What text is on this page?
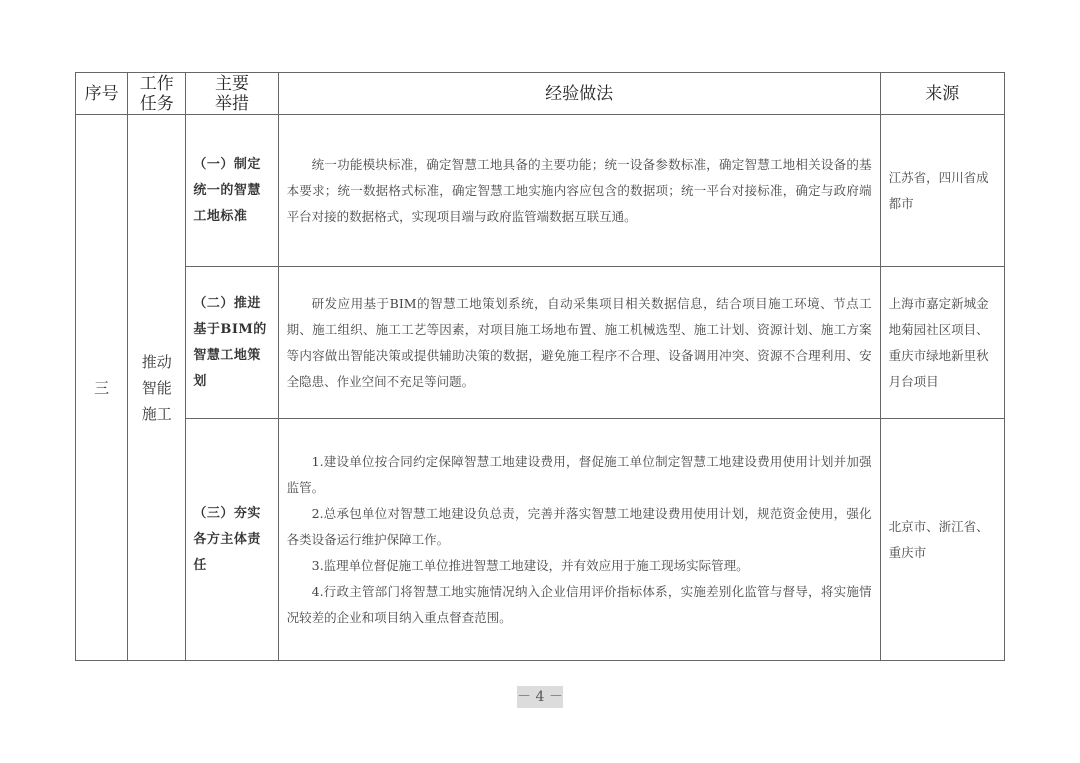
序号	工作任务	主要举措	经验做法	来源
三	推动智能施工	（一）制定统一的智慧工地标准	统一功能模块标准，确定智慧工地具备的主要功能；统一设备参数标准，确定智慧工地相关设备的基本要求；统一数据格式标准，确定智慧工地实施内容应包含的数据项；统一平台对接标准，确定与政府端平台对接的数据格式，实现项目端与政府监管端数据互联互通。	江苏省，四川省成都市
		（二）推进基于BIM的智慧工地策划	研发应用基于BIM的智慧工地策划系统，自动采集项目相关数据信息，结合项目施工环境、节点工期、施工组织、施工工艺等因素，对项目施工场地布置、施工机械选型、施工计划、资源计划、施工方案等内容做出智能决策或提供辅助决策的数据，避免施工程序不合理、设备调用冲突、资源不合理利用、安全隐患、作业空间不充足等问题。	上海市嘉定新城金地菊园社区项目、重庆市绿地新里秋月台项目
		（三）夯实各方主体责任	1.建设单位按合同约定保障智慧工地建设费用，督促施工单位制定智慧工地建设费用使用计划并加强监管。

2.总承包单位对智慧工地建设负总责，完善并落实智慧工地建设费用使用计划，规范资金使用，强化各类设备运行维护保障工作。

3.监理单位督促施工单位推进智慧工地建设，并有效应用于施工现场实际管理。

4.行政主管部门将智慧工地实施情况纳入企业信用评价指标体系，实施差别化监管与督导，将实施情况较差的企业和项目纳入重点督查范围。	北京市、浙江省、重庆市
－ 4 －
